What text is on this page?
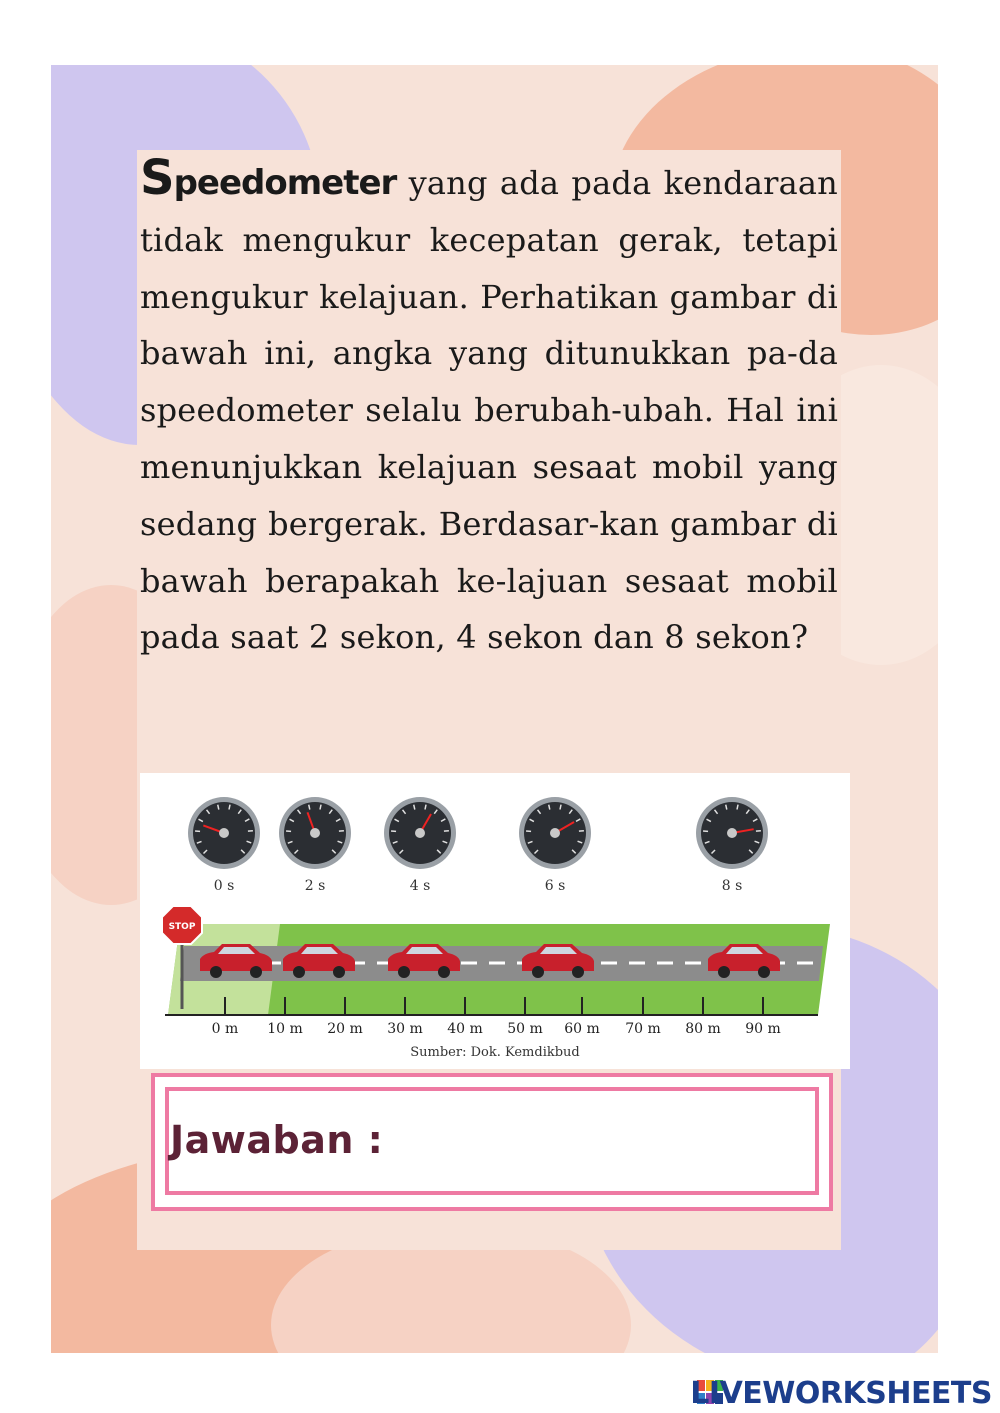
Speedometer yang ada pada kendaraan tidak mengukur kecepatan gerak, tetapi mengukur kelajuan. Perhatikan gambar di bawah ini, angka yang ditunukkan pa-da speedometer selalu berubah-ubah. Hal ini menunjukkan kelajuan sesaat mobil yang sedang bergerak. Berdasar-kan gambar di bawah berapakah ke-lajuan sesaat mobil pada saat 2 sekon, 4 sekon dan 8 sekon?

STOP
0 s	2 s	4 s	6 s	8 s
0 m 10 m 20 m 30 m 40 m 50 m 60 m 70 m 80 m 90 m
Sumber: Dok. Kemdikbud
Jawaban :
LIVEWORKSHEETS
